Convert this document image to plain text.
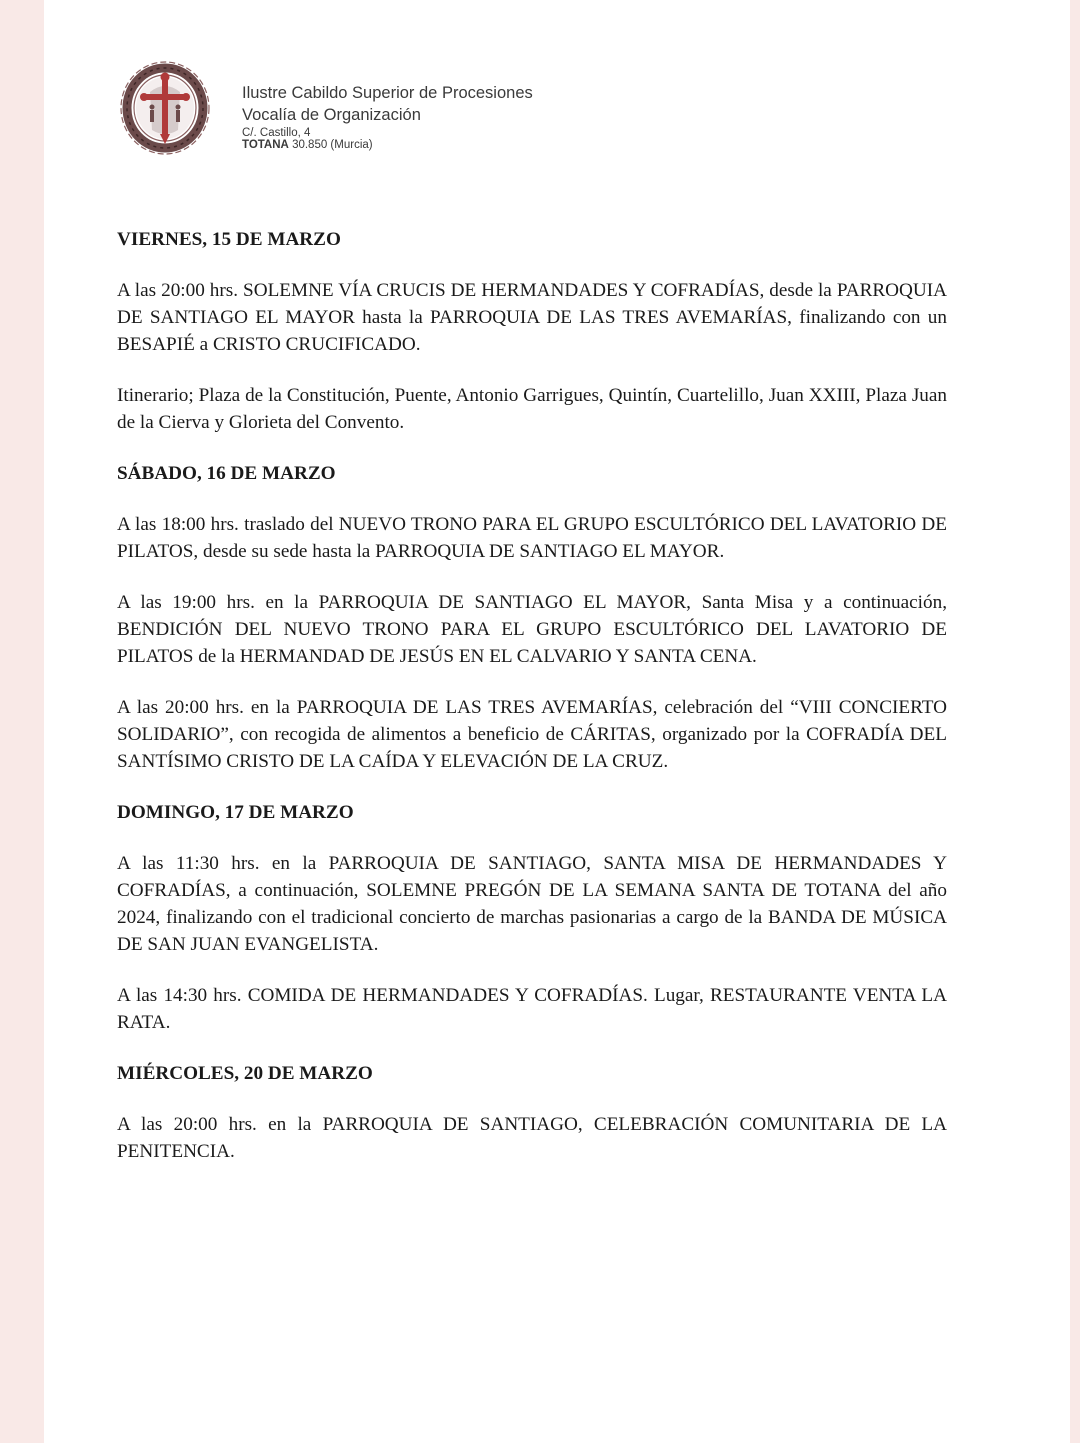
Ilustre Cabildo Superior de Procesiones
Vocalía de Organización
C/. Castillo, 4
TOTANA 30.850 (Murcia)

VIERNES, 15 DE MARZO

A las 20:00 hrs. SOLEMNE VÍA CRUCIS DE HERMANDADES Y COFRADÍAS, desde la PARROQUIA DE SANTIAGO EL MAYOR hasta la PARROQUIA DE LAS TRES AVEMARÍAS, finalizando con un BESAPIÉ a CRISTO CRUCIFICADO.

Itinerario; Plaza de la Constitución, Puente, Antonio Garrigues, Quintín, Cuartelillo, Juan XXIII, Plaza Juan de la Cierva y Glorieta del Convento.

SÁBADO, 16 DE MARZO

A las 18:00 hrs. traslado del NUEVO TRONO PARA EL GRUPO ESCULTÓRICO DEL LAVATORIO DE PILATOS, desde su sede hasta la PARROQUIA DE SANTIAGO EL MAYOR.

A las 19:00 hrs. en la PARROQUIA DE SANTIAGO EL MAYOR, Santa Misa y a continuación, BENDICIÓN DEL NUEVO TRONO PARA EL GRUPO ESCULTÓRICO DEL LAVATORIO DE PILATOS de la HERMANDAD DE JESÚS EN EL CALVARIO Y SANTA CENA.

A las 20:00 hrs. en la PARROQUIA DE LAS TRES AVEMARÍAS, celebración del “VIII CONCIERTO SOLIDARIO”, con recogida de alimentos a beneficio de CÁRITAS, organizado por la COFRADÍA DEL SANTÍSIMO CRISTO DE LA CAÍDA Y ELEVACIÓN DE LA CRUZ.

DOMINGO, 17 DE MARZO

A las 11:30 hrs. en la PARROQUIA DE SANTIAGO, SANTA MISA DE HERMANDADES Y COFRADÍAS, a continuación, SOLEMNE PREGÓN DE LA SEMANA SANTA DE TOTANA del año 2024, finalizando con el tradicional concierto de marchas pasionarias a cargo de la BANDA DE MÚSICA DE SAN JUAN EVANGELISTA.

A las 14:30 hrs. COMIDA DE HERMANDADES Y COFRADÍAS. Lugar, RESTAURANTE VENTA LA RATA.

MIÉRCOLES, 20 DE MARZO

A las 20:00 hrs. en la PARROQUIA DE SANTIAGO, CELEBRACIÓN COMUNITARIA DE LA PENITENCIA.
